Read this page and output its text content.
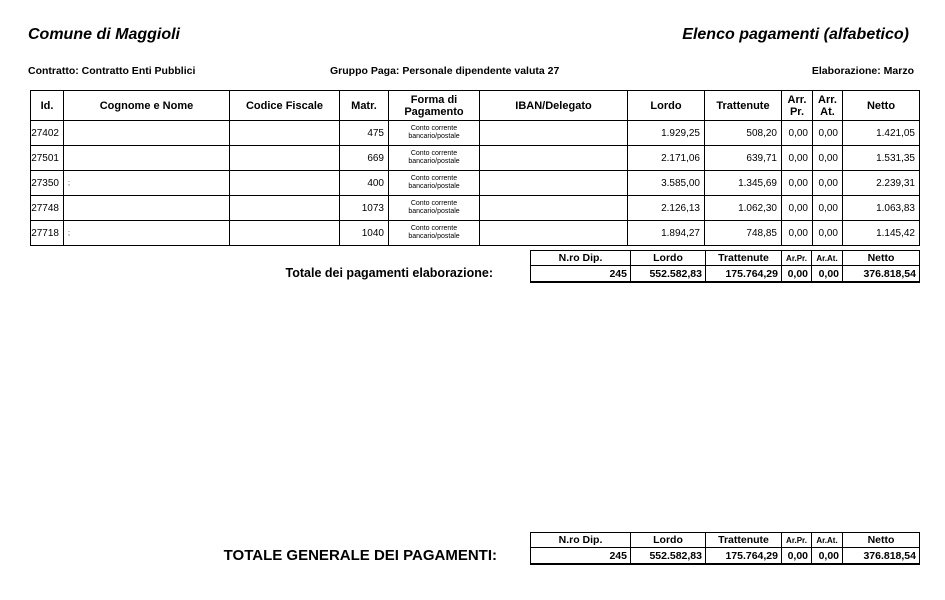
Comune di Maggioli	Elenco pagamenti (alfabetico)
Contratto: Contratto Enti Pubblici	Gruppo Paga: Personale dipendente valuta 27	Elaborazione: Marzo
Id.	Cognome e Nome	Codice Fiscale	Matr.	Forma di Pagamento	IBAN/Delegato	Lordo	Trattenute	Arr. Pr.	Arr. At.	Netto
27402			475	Conto corrente bancario/postale		1.929,25	508,20	0,00	0,00	1.421,05
27501			669	Conto corrente bancario/postale		2.171,06	639,71	0,00	0,00	1.531,35
27350	;		400	Conto corrente bancario/postale		3.585,00	1.345,69	0,00	0,00	2.239,31
27748			1073	Conto corrente bancario/postale		2.126,13	1.062,30	0,00	0,00	1.063,83
27718	;		1040	Conto corrente bancario/postale		1.894,27	748,85	0,00	0,00	1.145,42
Totale dei pagamenti elaborazione:
N.ro Dip.	Lordo	Trattenute	Ar.Pr.	Ar.At.	Netto
245	552.582,83	175.764,29	0,00	0,00	376.818,54
TOTALE GENERALE DEI PAGAMENTI:
N.ro Dip.	Lordo	Trattenute	Ar.Pr.	Ar.At.	Netto
245	552.582,83	175.764,29	0,00	0,00	376.818,54
